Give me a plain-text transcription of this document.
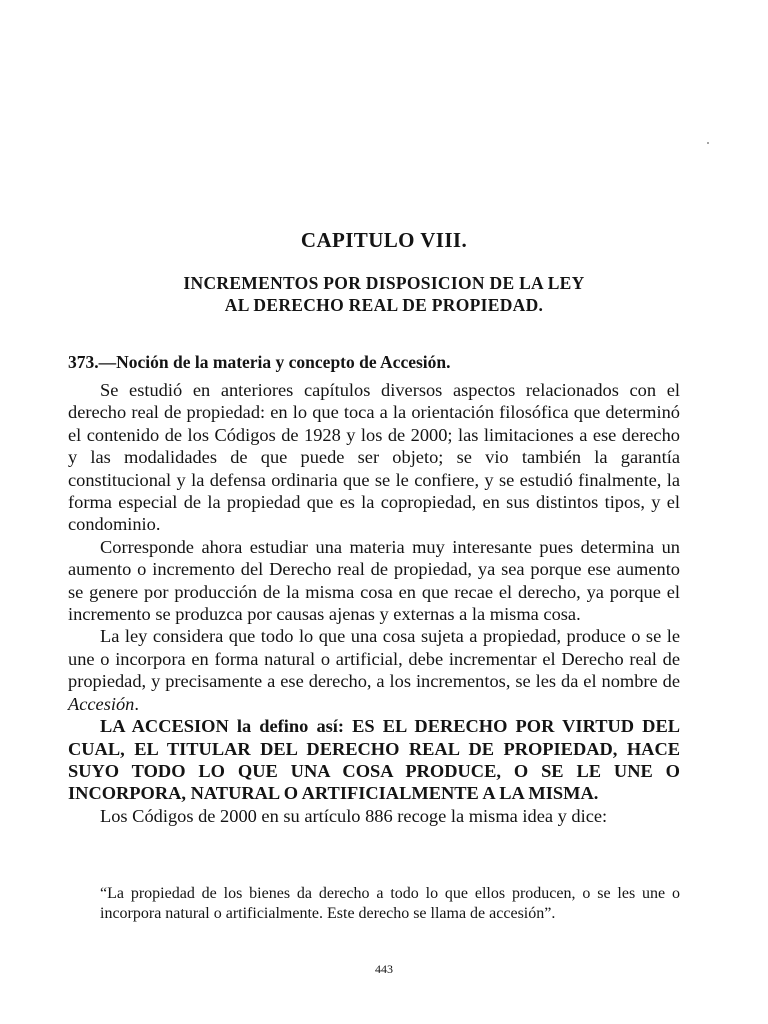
CAPITULO VIII.
INCREMENTOS POR DISPOSICION DE LA LEY
AL DERECHO REAL DE PROPIEDAD.
373.—Noción de la materia y concepto de Accesión.

Se estudió en anteriores capítulos diversos aspectos relacionados con el derecho real de propiedad: en lo que toca a la orientación filosófica que determinó el contenido de los Códigos de 1928 y los de 2000; las limitaciones a ese derecho y las modalidades de que puede ser objeto; se vio también la garantía constitucional y la defensa ordinaria que se le confiere, y se estudió finalmente, la forma especial de la propiedad que es la copropiedad, en sus distintos tipos, y el condominio.

Corresponde ahora estudiar una materia muy interesante pues determina un aumento o incremento del Derecho real de propiedad, ya sea porque ese aumento se genere por producción de la misma cosa en que recae el derecho, ya porque el incremento se produzca por causas ajenas y externas a la misma cosa.

La ley considera que todo lo que una cosa sujeta a propiedad, produce o se le une o incorpora en forma natural o artificial, debe incrementar el Derecho real de propiedad, y precisamente a ese derecho, a los incrementos, se les da el nombre de Accesión.

LA ACCESION la defino así: ES EL DERECHO POR VIRTUD DEL CUAL, EL TITULAR DEL DERECHO REAL DE PROPIEDAD, HACE SUYO TODO LO QUE UNA COSA PRODUCE, O SE LE UNE O INCORPORA, NATURAL O ARTIFICIALMENTE A LA MISMA.

Los Códigos de 2000 en su artículo 886 recoge la misma idea y dice:

“La propiedad de los bienes da derecho a todo lo que ellos producen, o se les une o incorpora natural o artificialmente. Este derecho se llama de accesión”.
443
